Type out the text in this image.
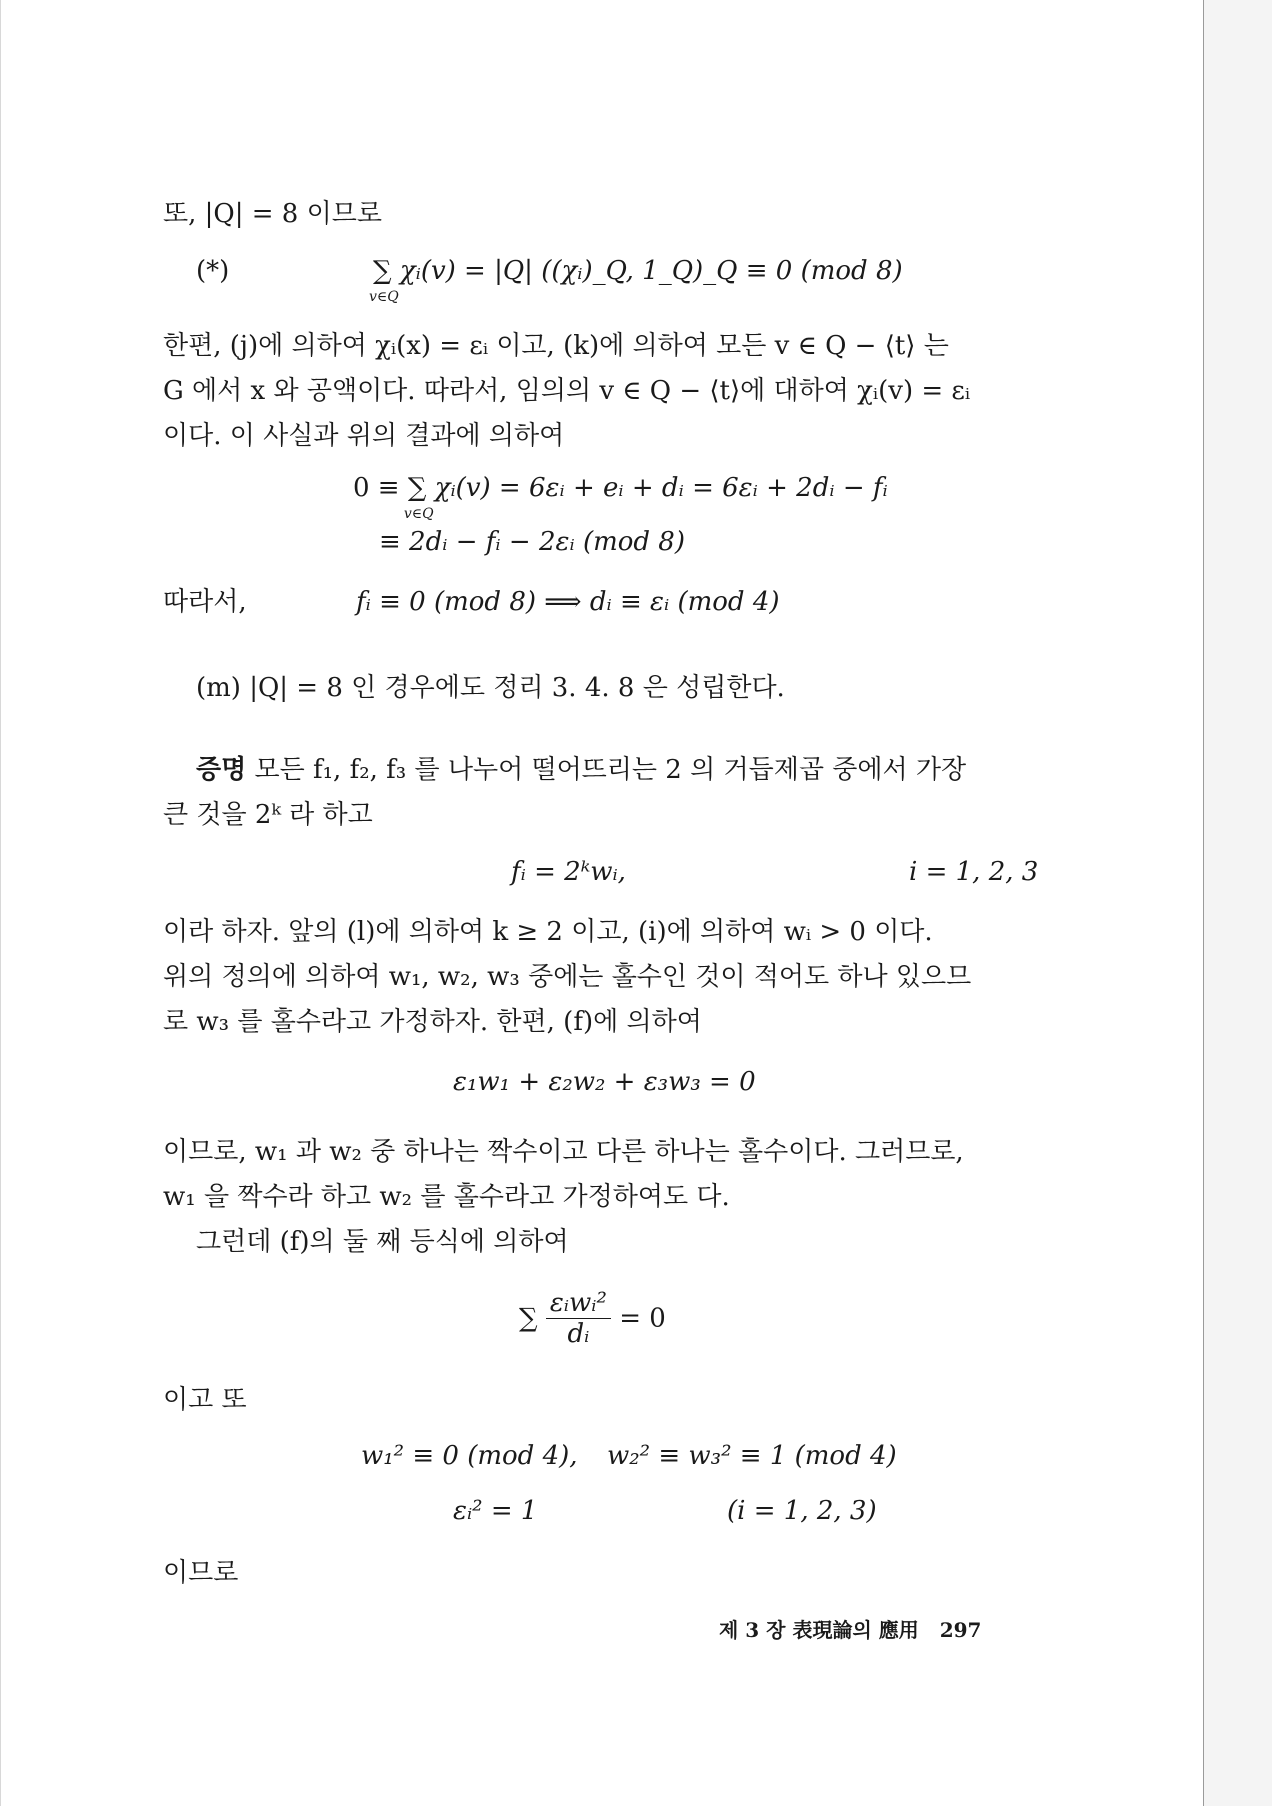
또, |Q| = 8 이므로
(*)	∑
v∈Q
χᵢ(v) = |Q| ((χᵢ)_Q, 1_Q)_Q ≡ 0 (mod 8)
한편, (j)에 의하여 χᵢ(x) = εᵢ 이고, (k)에 의하여 모든 v ∈ Q − ⟨t⟩ 는
G 에서 x 와 공액이다. 따라서, 임의의 v ∈ Q − ⟨t⟩에 대하여 χᵢ(v) = εᵢ
이다. 이 사실과 위의 결과에 의하여
0 ≡ ∑
v∈Q
χᵢ(v) = 6εᵢ + eᵢ + dᵢ = 6εᵢ + 2dᵢ − fᵢ
≡ 2dᵢ − fᵢ − 2εᵢ (mod 8)
따라서,	fᵢ ≡ 0 (mod 8) ⟹ dᵢ ≡ εᵢ (mod 4)
(m) |Q| = 8 인 경우에도 정리 3. 4. 8 은 성립한다.
증명 모든 f₁, f₂, f₃ 를 나누어 떨어뜨리는 2 의 거듭제곱 중에서 가장
큰 것을 2ᵏ 라 하고
fᵢ = 2ᵏwᵢ,	i = 1, 2, 3
이라 하자. 앞의 (l)에 의하여 k ≥ 2 이고, (i)에 의하여 wᵢ > 0 이다.
위의 정의에 의하여 w₁, w₂, w₃ 중에는 홀수인 것이 적어도 하나 있으므
로 w₃ 를 홀수라고 가정하자. 한편, (f)에 의하여
ε₁w₁ + ε₂w₂ + ε₃w₃ = 0
이므로, w₁ 과 w₂ 중 하나는 짝수이고 다른 하나는 홀수이다. 그러므로,
w₁ 을 짝수라 하고 w₂ 를 홀수라고 가정하여도 다.
그런데 (f)의 둘 째 등식에 의하여
∑ $\frac{\text{εᵢwᵢ²}}{\text{dᵢ}} = 0$
이고 또
w₁² ≡ 0 (mod 4), w₂² ≡ w₃² ≡ 1 (mod 4)
εᵢ² = 1	(i = 1, 2, 3)
이므로
제 3 장 表現論의 應用 297
